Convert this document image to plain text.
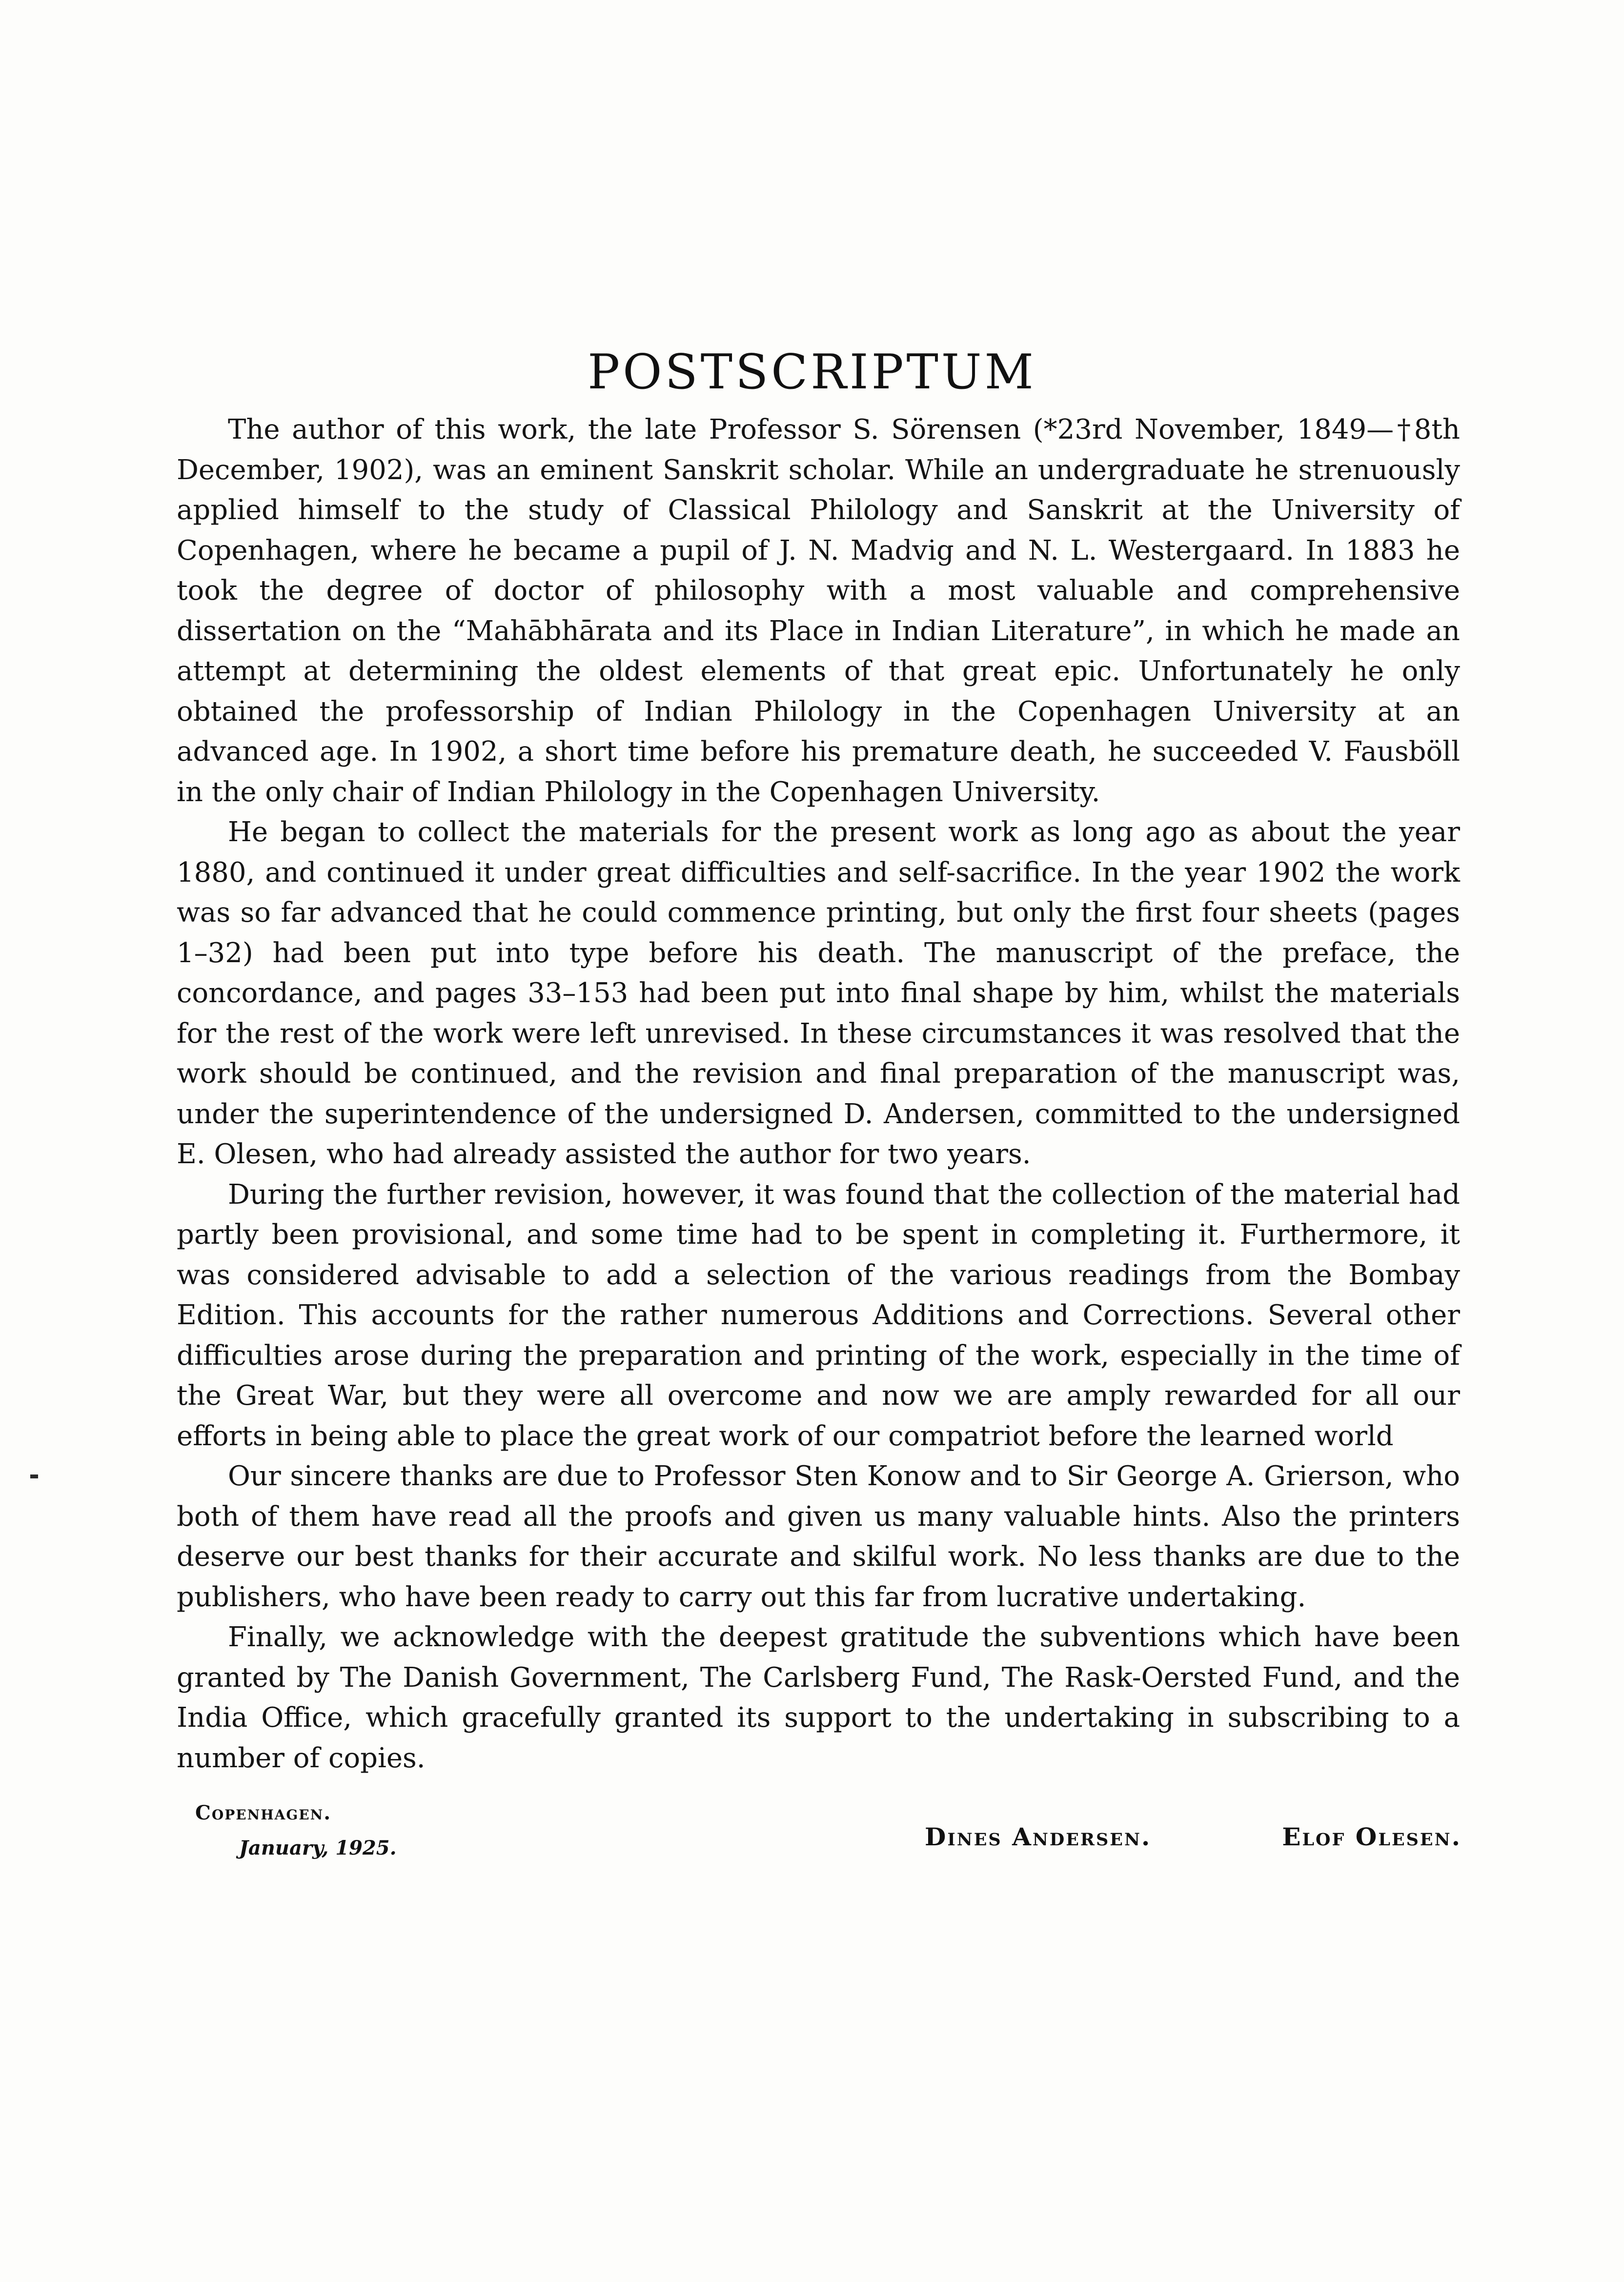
POSTSCRIPTUM

The author of this work, the late Professor S. Sörensen (*23rd November, 1849—†8th December, 1902), was an eminent Sanskrit scholar. While an undergraduate he strenuously applied himself to the study of Classical Philology and Sanskrit at the University of Copenhagen, where he became a pupil of J. N. Madvig and N. L. Westergaard. In 1883 he took the degree of doctor of philosophy with a most valuable and comprehensive dissertation on the “Mahābhārata and its Place in Indian Literature”, in which he made an attempt at determining the oldest elements of that great epic. Unfortunately he only obtained the professorship of Indian Philology in the Copenhagen University at an advanced age. In 1902, a short time before his premature death, he succeeded V. Fausböll in the only chair of Indian Philology in the Copenhagen University.

He began to collect the materials for the present work as long ago as about the year 1880, and continued it under great difficulties and self-sacrifice. In the year 1902 the work was so far advanced that he could commence printing, but only the first four sheets (pages 1–32) had been put into type before his death. The manuscript of the preface, the concordance, and pages 33–153 had been put into final shape by him, whilst the materials for the rest of the work were left unrevised. In these circumstances it was resolved that the work should be continued, and the revision and final preparation of the manuscript was, under the superintendence of the undersigned D. Andersen, committed to the undersigned E. Olesen, who had already assisted the author for two years.

During the further revision, however, it was found that the collection of the material had partly been provisional, and some time had to be spent in completing it. Furthermore, it was considered advisable to add a selection of the various readings from the Bombay Edition. This accounts for the rather numerous Additions and Corrections. Several other difficulties arose during the preparation and printing of the work, especially in the time of the Great War, but they were all overcome and now we are amply rewarded for all our efforts in being able to place the great work of our compatriot before the learned world

Our sincere thanks are due to Professor Sten Konow and to Sir George A. Grierson, who both of them have read all the proofs and given us many valuable hints. Also the printers deserve our best thanks for their accurate and skilful work. No less thanks are due to the publishers, who have been ready to carry out this far from lucrative undertaking.

Finally, we acknowledge with the deepest gratitude the subventions which have been granted by The Danish Government, The Carlsberg Fund, The Rask-Oersted Fund, and the India Office, which gracefully granted its support to the undertaking in subscribing to a number of copies.

Copenhagen.
January, 1925.	Dines Andersen.	Elof Olesen.
